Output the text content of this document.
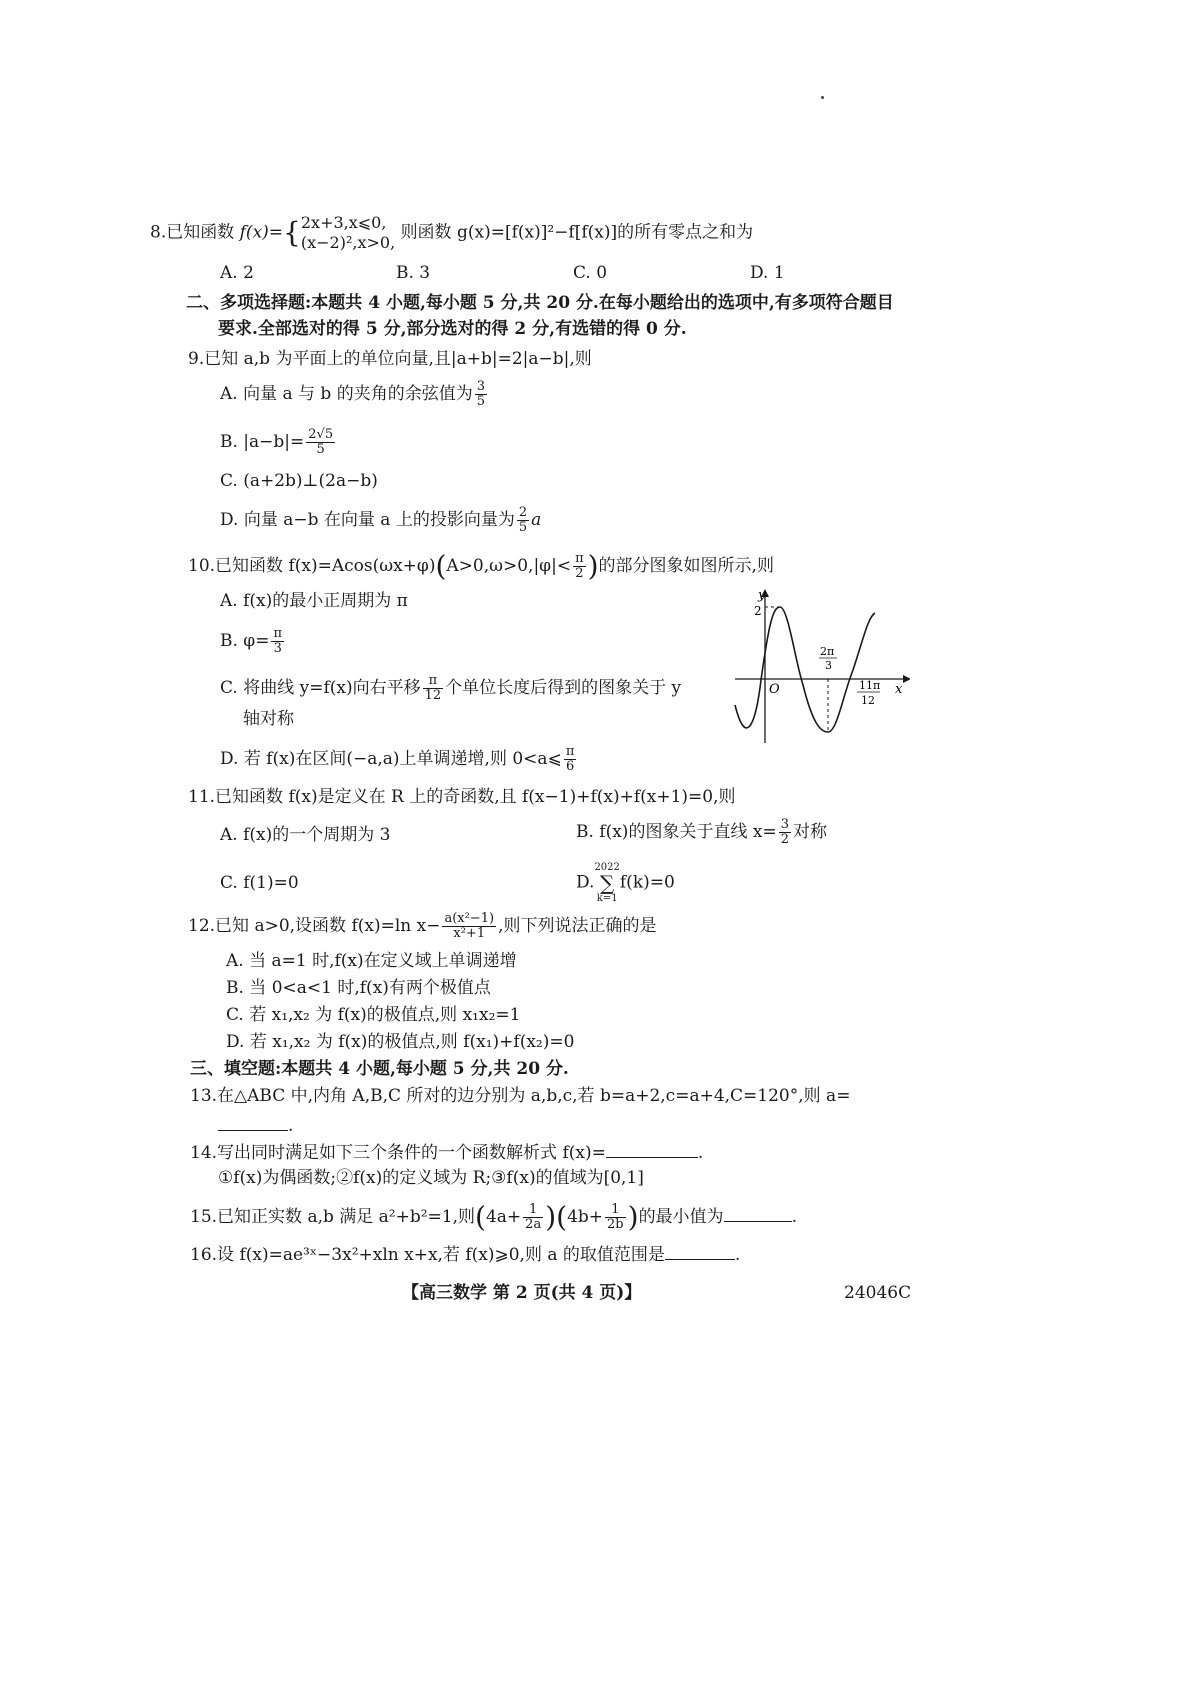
8.已知函数 f(x)={ 2x+3,x⩽0,
(x−2)²,x>0, 则函数 g(x)=[f(x)]²−f[f(x)]的所有零点之和为
A. 2	B. 3	C. 0	D. 1
二、多项选择题:本题共 4 小题,每小题 5 分,共 20 分.在每小题给出的选项中,有多项符合题目
要求.全部选对的得 5 分,部分选对的得 2 分,有选错的得 0 分.
9.已知 a,b 为平面上的单位向量,且|a+b|=2|a−b|,则
A. 向量 a 与 b 的夹角的余弦值为 $\frac{3}{5}$
B. $|a-b|= \frac{2√5}{5}$
C. (a+2b)⊥(2a−b)
D. 向量 a−b 在向量 a 上的投影向量为 $\frac{2}{5}$ a
10.已知函数 $f(x)=Acos(\omega x+\varphi)(A>0,\omega>0,|\varphi|< \frac{\pi}{2}$ )的部分图象如图所示,则
A. f(x)的最小正周期为 π
B. $\varphi= \frac{\pi}{3}$
C. 将曲线 y=f(x)向右平移 $\frac{\pi}{12}$ 个单位长度后得到的图象关于 y
轴对称
D. 若 f(x)在区间(−a,a)上单调递增,则 0<a⩽ $\frac{\pi}{6}$
y
x
O
2
2π
3
11π
12
11.已知函数 f(x)是定义在 R 上的奇函数,且 f(x−1)+f(x)+f(x+1)=0,则
A. f(x)的一个周期为 3	B. f(x)的图象关于直线 $x= \frac{3}{2}$ 对称
C. f(1)=0	D.2022
∑
k=1f(k)=0
12.已知 a>0,设函数 f(x)=ln $x- \frac{\text{a(x²−1)}}{\text{x²+1}}$ ,则下列说法正确的是
A. 当 a=1 时,f(x)在定义域上单调递增
B. 当 0<a<1 时,f(x)有两个极值点
C. 若 x₁,x₂ 为 f(x)的极值点,则 x₁x₂=1
D. 若 x₁,x₂ 为 f(x)的极值点,则 f(x₁)+f(x₂)=0
三、填空题:本题共 4 小题,每小题 5 分,共 20 分.
13.在△ABC 中,内角 A,B,C 所对的边分别为 a,b,c,若 b=a+2,c=a+4,C=120°,则 a=
.
14.写出同时满足如下三个条件的一个函数解析式 f(x)=	.
①f(x)为偶函数;②f(x)的定义域为 R;③f(x)的值域为[0,1]
15.已知正实数 a,b 满足 a²+b²=1,则$(4a+ \frac{1}{2a} )(4b+ \frac{1}{2b}$ )的最小值为	.
16.设 f(x)=ae³ˣ−3x²+xln x+x,若 f(x)⩾0,则 a 的取值范围是	.
【高三数学 第 2 页(共 4 页)】	24046C
